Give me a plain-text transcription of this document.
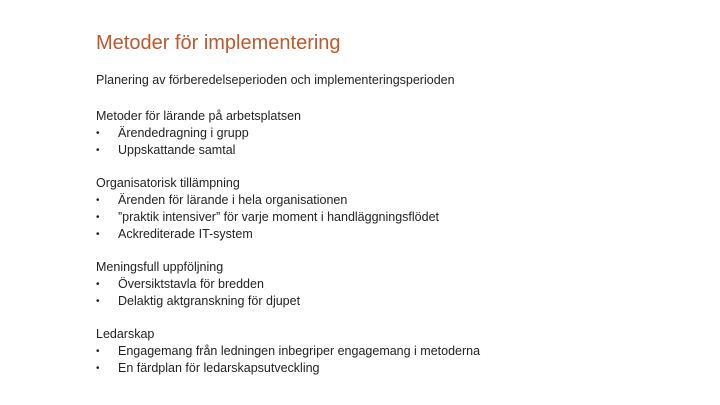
Metoder för implementering

Planering av förberedelseperioden och implementeringsperioden

Metoder för lärande på arbetsplatsen

•	Ärendedragning i grupp
•	Uppskattande samtal

Organisatorisk tillämpning

•	Ärenden för lärande i hela organisationen
•	”praktik intensiver” för varje moment i handläggningsflödet
•	Ackrediterade IT-system

Meningsfull uppföljning

•	Översiktstavla för bredden
•	Delaktig aktgranskning för djupet

Ledarskap

•	Engagemang från ledningen inbegriper engagemang i metoderna
•	En färdplan för ledarskapsutveckling
